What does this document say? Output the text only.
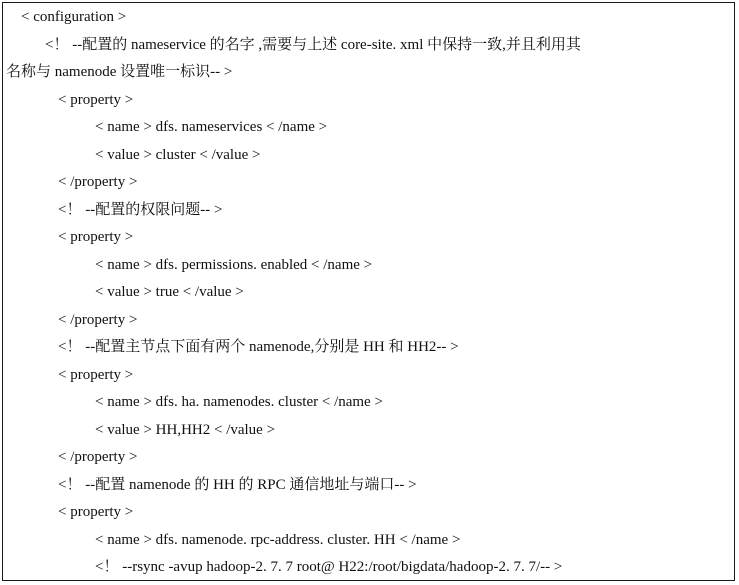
< configuration >
<！ --配置的 nameservice 的名字 ,需要与上述 core-site. xml 中保持一致,并且利用其
名称与 namenode 设置唯一标识-- >
< property >
< name > dfs. nameservices < /name >
< value > cluster < /value >
< /property >
<！ --配置的权限问题-- >
< property >
< name > dfs. permissions. enabled < /name >
< value > true < /value >
< /property >
<！ --配置主节点下面有两个 namenode,分别是 HH 和 HH2-- >
< property >
< name > dfs. ha. namenodes. cluster < /name >
< value > HH,HH2 < /value >
< /property >
<！ --配置 namenode 的 HH 的 RPC 通信地址与端口-- >
< property >
< name > dfs. namenode. rpc-address. cluster. HH < /name >
<！ --rsync -avup hadoop-2. 7. 7 root@ H22:/root/bigdata/hadoop-2. 7. 7/-- >
